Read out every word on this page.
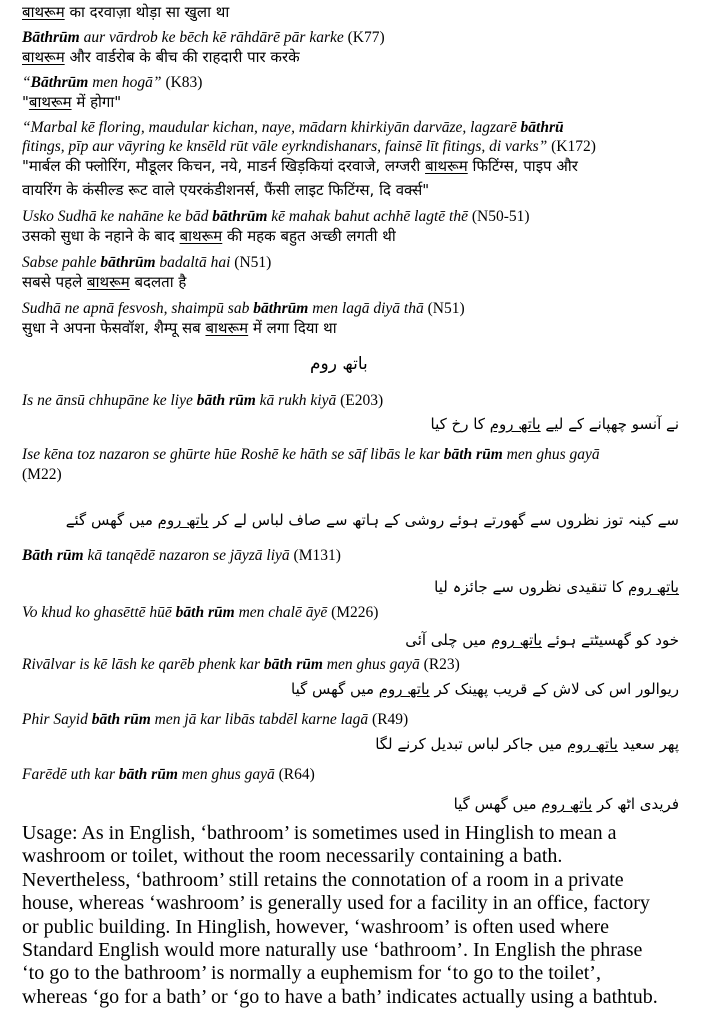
बाथरूम का दरवाज़ा थोड़ा सा खुला था
Bāthrūm aur vārdrob ke bēch kē rāhdārē pār karke (K77)
बाथरूम और वार्डरोब के बीच की राहदारी पार करके
“Bāthrūm men hogā” (K83)
"बाथरूम में होगा"
“Marbal kē floring, maudular kichan, naye, mādarn khirkiyān darvāze, lagzarē bāthrū
fitings, pīp aur vāyring ke knsēld rūt vāle eyrkndishanars, fainsē līt fitings, di varks” (K172)
"मार्बल की फ्लोरिंग, मौडूलर किचन, नये, माडर्न खिड़कियां दरवाजे, लग्जरी बाथरूम फिटिंग्स, पाइप और
वायरिंग के कंसील्ड रूट वाले एयरकंडीशनर्स, फैंसी लाइट फिटिंग्स, दि वर्क्स"
Usko Sudhā ke nahāne ke bād bāthrūm kē mahak bahut achhē lagtē thē (N50-51)
उसको सुधा के नहाने के बाद बाथरूम की महक बहुत अच्छी लगती थी
Sabse pahle bāthrūm badaltā hai (N51)
सबसे पहले बाथरूम बदलता है
Sudhā ne apnā fesvosh, shaimpū sab bāthrūm men lagā diyā thā (N51)
सुधा ने अपना फेसवॉश, शैम्पू सब बाथरूम में लगा दिया था
باتھ روم
Is ne ānsū chhupāne ke liye bāth rūm kā rukh kiyā (E203)
نے آنسو چھپانے کے لیے باتھ روم کا رخ کیا
Ise kēna toz nazaron se ghūrte hūe Roshē ke hāth se sāf libās le kar bāth rūm men ghus gayā
(M22)
سے کینہ توز نظروں سے گھورتے ہوئے روشی کے ہاتھ سے صاف لباس لے کر باتھ روم میں گھس گئے
Bāth rūm kā tanqēdē nazaron se jāyzā liyā (M131)
باتھ روم کا تنقیدی نظروں سے جائزہ لیا
Vo khud ko ghasēttē hūē bāth rūm men chalē āyē (M226)
خود کو گھسیٹتے ہوئے باتھ روم میں چلی آئی
Rivālvar is kē lāsh ke qarēb phenk kar bāth rūm men ghus gayā (R23)
ریوالور اس کی لاش کے قریب پھینک کر باتھ روم میں گھس گیا
Phir Sayid bāth rūm men jā kar libās tabdēl karne lagā (R49)
پھر سعید باتھ روم میں جاکر لباس تبدیل کرنے لگا
Farēdē uth kar bāth rūm men ghus gayā (R64)
فریدی اٹھ کر باتھ روم میں گھس گیا
Usage: As in English, ‘bathroom’ is sometimes used in Hinglish to mean a
washroom or toilet, without the room necessarily containing a bath.
Nevertheless, ‘bathroom’ still retains the connotation of a room in a private
house, whereas ‘washroom’ is generally used for a facility in an office, factory
or public building. In Hinglish, however, ‘washroom’ is often used where
Standard English would more naturally use ‘bathroom’. In English the phrase
‘to go to the bathroom’ is normally a euphemism for ‘to go to the toilet’,
whereas ‘go for a bath’ or ‘go to have a bath’ indicates actually using a bathtub.
